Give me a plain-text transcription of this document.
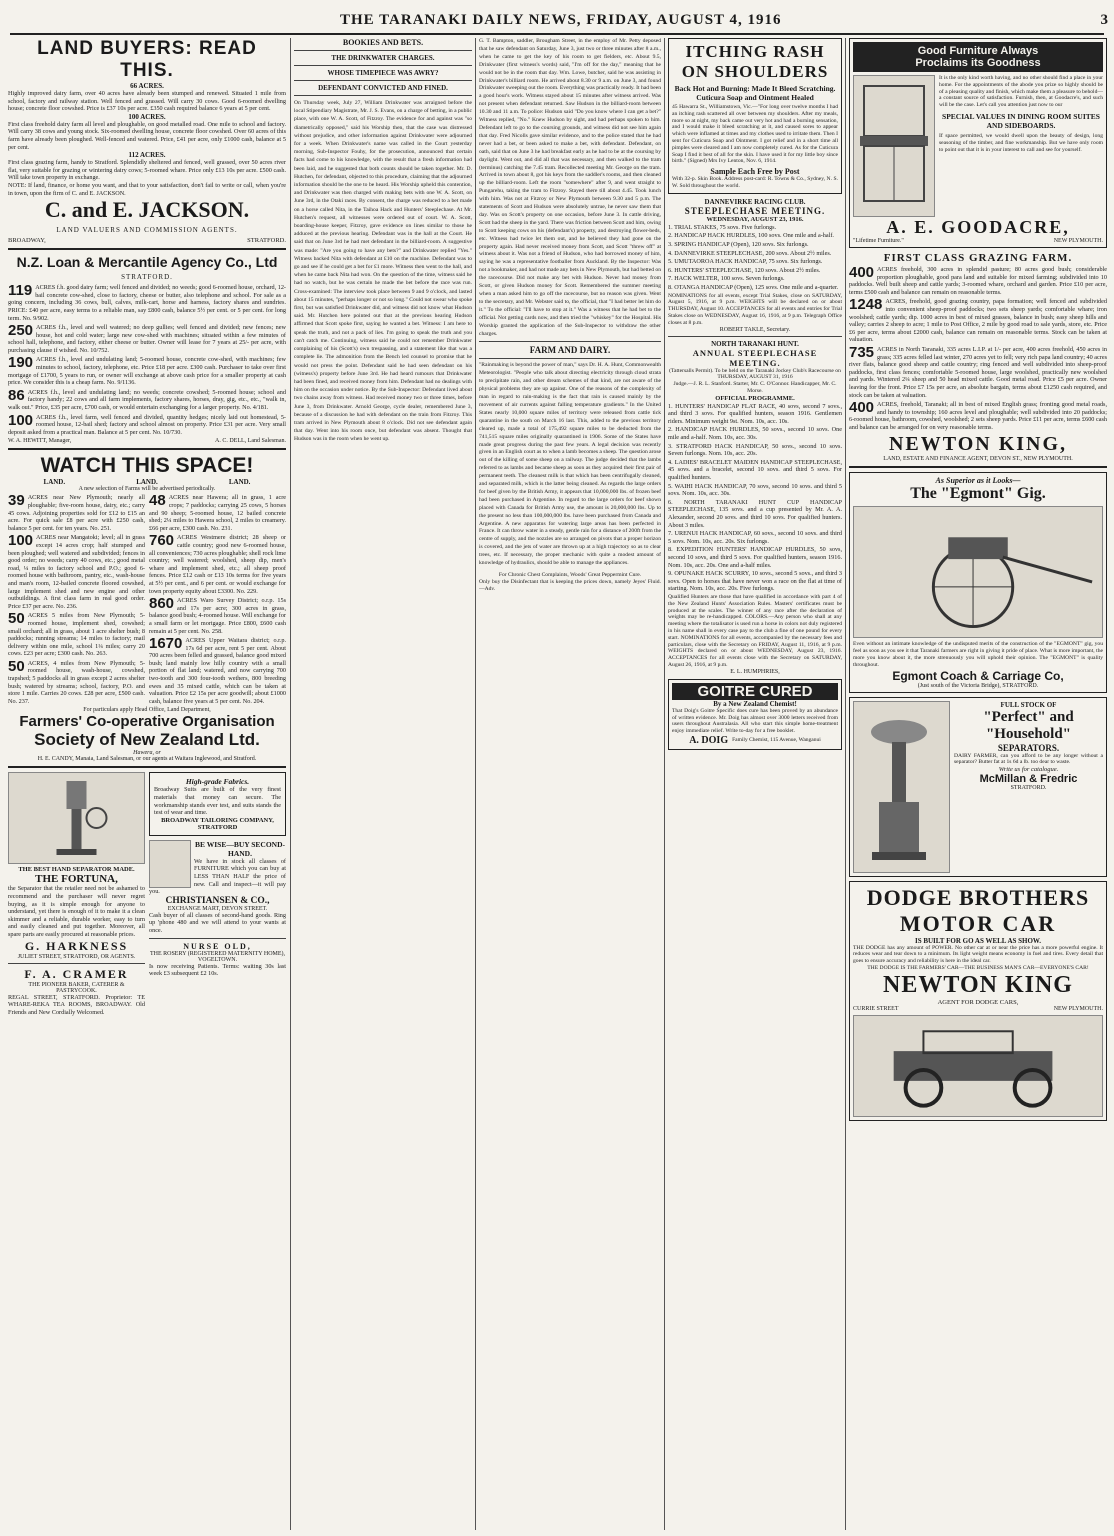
THE TARANAKI DAILY NEWS, FRIDAY, AUGUST 4, 1916	3
LAND BUYERS: READ THIS.
66 ACRES.
Highly improved dairy farm, over 40 acres have already been stumped and renewed. Situated 1 mile from school, factory and railway station. Well fenced and grassed. Will carry 30 cows. Good 6-roomed dwelling house; concrete floor cowshed. Price is £37 10s per acre. £350 cash required balance 6 years at 5 per cent.
100 ACRES.
First class freehold dairy farm all level and ploughable, on good metalled road. One mile to school and factory. Will carry 38 cows and young stock. Six-roomed dwelling house, concrete floor cowshed. Over 60 acres of this farm have already been ploughed. Well-fenced and watered. Price, £41 per acre, only £1000 cash, balance at 5 per cent.
112 ACRES.
First class grazing farm, handy to Stratford. Splendidly sheltered and fenced, well grassed, over 50 acres river flat, very suitable for grazing or wintering dairy cows; 5-roomed whare. Price only £13 10s per acre. £500 cash. Will take town property in exchange.
NOTE: If land, finance, or home you want, and that to your satisfaction, don't fail to write or call, when you're in town, upon the firm of C. and E. JACKSON.
C. and E. JACKSON.
LAND VALUERS AND COMMISSION AGENTS.
BROADWAY,	STRATFORD.
N.Z. Loan & Mercantile Agency Co., Ltd
STRATFORD.
119 ACRES f.h. good dairy farm; well fenced and divided; no weeds; good 6-roomed house, orchard, 12-bail concrete cow-shed, close to factory, cheese or butter, also telephone and school. For sale as a going concern, including 36 cows, bull, calves, milk-cart, horse and harness, factory shares and sundries. PRICE: £40 per acre, easy terms to a reliable man, say £800 cash, balance 5½ per cent. or 5 per cent. for long term. No. 9/902.
250 ACRES f.h., level and well watered; no deep gullies; well fenced and divided; new fences; new house, hot and cold water; large new cow-shed with machines; situated within a few minutes of school hall, telephone, and factory, either cheese or butter. Owner will lease for 7 years at 25/- per acre, with purchasing clause if wished. No. 10/752.
190 ACRES f.h., level and undulating land; 5-roomed house, concrete cow-shed, with machines; few minutes to school, factory, telephone, etc. Price £18 per acre. £300 cash. Purchaser to take over first mortgage of £1700, 5 years to run, or owner will exchange at above cash price for a smaller property at cash price. We consider this is a cheap farm. No. 9/1136.
86 ACRES f.h., level and undulating land; no weeds; concrete cowshed; 5-roomed house; school and factory handy; 22 cows and all farm implements, factory shares, horses, dray, gig, etc., etc., "walk in, walk out." Price, £35 per acre, £700 cash, or would entertain exchanging for a larger property. No. 4/181.
100 ACRES f.h., level farm, well fenced and divided, quantity hedges; nicely laid out homestead, 5-roomed house, 12-bail shed; factory and school almost on property. Price £31 per acre. Very small deposit asked from a practical man. Balance at 5 per cent. No. 10/730.
W. A. HEWITT, Manager,	A. C. DELL, Land Salesman.
WATCH THIS SPACE!
LAND.	LAND.	LAND.
A new selection of Farms will be advertised periodically.
39 ACRES near New Plymouth; nearly all ploughable; five-room house, dairy, etc.; carry 45 cows. Adjoining properties sold for £12 to £15 an acre. For quick sale £8 per acre with £250 cash, balance 5 per cent. for ten years. No. 251.
100 ACRES near Mangatoki; level; all in grass except 14 acres crop; half stumped and been ploughed; well watered and subdivided; fences in good order; no weeds; carry 40 cows, etc.; good metal road, ¼ miles to factory school and P.O.; good 6-roomed house with bathroom, pantry, etc., wash-house and man's room, 12-bailed concrete floored cowshed, large implement shed and new engine and other outbuildings. A first class farm in real good order. Price £37 per acre. No. 236.
50 ACRES 5 miles from New Plymouth; 5-roomed house, implement shed, cowshed; small orchard; all in grass, about 1 acre shelter bush; 8 paddocks; running streams; 14 miles to factory; mail delivery within one mile, school 1¼ miles; carry 20 cows. £23 per acre; £300 cash. No. 263.
50 ACRES, 4 miles from New Plymouth; 5-roomed house, wash-house, cowshed, trapshed; 5 paddocks all in grass except 2 acres shelter bush; watered by streams; school, factory, P.O. and store 1 mile. Carries 20 cows. £28 per acre, £500 cash. No. 237.
48 ACRES near Hawera; all in grass, 1 acre crops; 7 paddocks; carrying 25 cows, 5 horses and 90 sheep; 5-roomed house, 12 bailed concrete shed; 2¼ miles to Hawera school, 2 miles to creamery. £66 per acre, £300 cash. No. 231.
760 ACRES Westmere district; 28 sheep or cattle country; good new 6-roomed house, all conveniences; 730 acres ploughable; shell rock lime country; well watered; woolshed, sheep dip, men's whare and implement shed, etc.; all sheep proof fences. Price £12 cash or £13 10s terms for five years at 5½ per cent., and 6 per cent. or would exchange for town property equity about £3300. No. 229.
860 ACRES Waro Survey District; o.r.p. 15s and 17s per acre; 300 acres in grass, balance good bush; 4-roomed house. Will exchange for a small farm or let mortgage. Price £800, £600 cash remain at 5 per cent. No. 258.
1670 ACRES Upper Waitara district; o.r.p. 17s 6d per acre, rent 5 per cent. About 700 acres been felled and grassed, balance good mixed bush; land mainly low hilly country with a small portion of flat land; watered, and now carrying 700 two-tooth and 300 four-tooth wethers, 800 breeding ewes and 35 mixed cattle, which can be taken at valuation. Price £2 15s per acre goodwill; about £1000 cash, balance five years at 5 per cent. No. 204.
For particulars apply Head Office, Land Department,
Farmers' Co-operative Organisation
Society of New Zealand Ltd.
Hawera, or
H. E. CANDY, Manaia, Land Salesman, or our agents at Waitara Inglewood, and Stratford.
THE BEST HAND SEPARATOR MADE.
THE FORTUNA,
the Separator that the retailer need not be ashamed to recommend and the purchaser will never regret buying, as it is simple enough for anyone to understand, yet there is enough of it to make it a clean skimmer and a reliable, durable worker, easy to turn and easily cleaned and put together. Moreover, all spare parts are easily procured at reasonable prices.
G. HARKNESS
JULIET STREET, STRATFORD, OR AGENTS.
F. A. CRAMER
THE PIONEER BAKER, CATERER & PASTRYCOOK.
REGAL STREET, STRATFORD. Proprietor: TE WHARE-REKA TEA ROOMS, BROADWAY. Old Friends and New Cordially Welcomed.
High-grade Fabrics.
Broadway Suits are built of the very finest materials that money can secure. The workmanship stands ever test, and suits stands the test of wear and time.
BROADWAY TAILORING COMPANY, STRATFORD
BE WISE—BUY SECOND-HAND.
We have in stock all classes of FURNITURE which you can buy at LESS THAN HALF the price of new. Call and inspect—it will pay you.
CHRISTIANSEN & CO.,
EXCHANGE MART, DEVON STREET.
Cash buyer of all classes of second-hand goods. Ring up 'phone 480 and we will attend to your wants at once.
NURSE OLD,
THE ROSERY (REGISTERED MATERNITY HOME), VOGELTOWN.
Is now receiving Patients. Terms: waiting 30s last week £3 subsequent £2 10s.
BOOKIES AND BETS.
THE DRINKWATER CHARGES.
WHOSE TIMEPIECE WAS AWRY?
DEFENDANT CONVICTED AND FINED.
On Thursday week, July 27, William Drinkwater was arraigned before the local Stipendiary Magistrate, Mr. J. S. Evans, on a charge of betting, in a public place, with one W. A. Scott, of Fitzroy. The evidence for and against was "so diametrically opposed," said his Worship then, that the case was distressed without prejudice, and other information against Drinkwater were adjourned for a week. When Drinkwater's name was called in the Court yesterday morning, Sub-Inspector Fouhy, for the prosecution, announced that certain facts had come to his knowledge, with the result that a fresh information had been laid, and he suggested that both counts should be taken together. Mr. D. Hutchen, for defendant, objected to this procedure, claiming that the adjourned information should be the one to be heard. His Worship upheld this contention, and Drinkwater was then charged with making bets with one W. A. Scott, on June 3rd, in the Otaki races. By consent, the charge was reduced to a bet made on a horse called Nita, in the Taihoa Hack and Hunters' Steeplechase. At Mr. Hutchen's request, all witnesses were ordered out of court. W. A. Scott, boarding-house keeper, Fitzroy, gave evidence on lines similar to those he adduced at the previous hearing. Defendant was in the hall at the Court. He said that on June 3rd he had met defendant in the billiard-room. A suggestive was made: "Are you going to have any bets?" and Drinkwater replied "Yes." Witness backed Nita with defendant at £10 on the machine. Defendant was to go and see if he could get a bet for £1 more. Witness then went to the hall, and when he came back Nita had won. On the question of the time, witness said he had no watch, but he was certain he made the bet before the race was run. Cross-examined: The interview took place between 9 and 9 o'clock, and lasted about 15 minutes, "perhaps longer or not so long." Could not swear who spoke first, but was satisfied Drinkwater did, and witness did not know what Hudson said. Mr. Hutchen here pointed out that at the previous hearing Hudson affirmed that Scott spoke first, saying he wanted a bet. Witness: I am here to speak the truth, and not a pack of lies. I'm going to speak the truth and you can't catch me. Continuing, witness said he could not remember Drinkwater complaining of his (Scott's) own trespassing, and a statement like that was a complete lie. The admonition from the Bench led counsel to promise that he would not press the point. Defendant said he had seen defendant on his (witness's) property before June 3rd. He had heard rumours that Drinkwater had been fined, and received money from him. Defendant had no dealings with him on the occasion under notice. By the Sub-Inspector: Defendant lived about two chains away from witness. Had received money two or three times, before June 3, from Drinkwater. Arnold George, cycle dealer, remembered June 3, because of a discussion he had with defendant on the train from Fitzroy. This tram arrived in New Plymouth about 8 o'clock. Did not see defendant again that day. Went into his room once, but defendant was absent. Thought that Hudson was in the room when he went up.
G. T. Bampton, saddler, Brougham Street, in the employ of Mr. Petty deposed that he saw defendant on Saturday, June 3, just two or three minutes after 8 a.m., when he came to get the key of his room to get fielders, etc. About 9.5, Drinkwater (first witness's words) said, "I'm off for the day," meaning that he would not be in the room that day. Wm. Lowe, butcher, said he was assisting in Drinkwater's billiard room. He arrived about 8.30 or 9 a.m. on June 3, and found Drinkwater sweeping out the room. Everything was practically ready. It had been a good hour's work. Witness stayed about 15 minutes after witness arrived. Was not present when defendant returned. Saw Hudson in the billiard-room between 10.30 and 11 a.m. To police: Hudson said "Do you know where I can get a bet?" Witness replied, "No." Knew Hudson by sight, and had perhaps spoken to him. Defendant left to go to the coursing grounds, and witness did not see him again that day. Fred Nicolls gave similar evidence, and to the police stated that he had never had a bet, or been asked to make a bet, with defendant. Defendant, on oath, said that on June 3 he had breakfast early as he had to be at the coursing by daylight. Went out, and did all that was necessary, and then walked to the tram (terminus) catching the 7.45 tram. Recollected meeting Mr. George on the tram. Arrived in town about 8, got his keys from the saddler's rooms, and then cleaned up the billiard-room. Left the room "somewhere" after 9, and went straight to Pungarehu, taking the tram to Fitzroy. Stayed there till about 4.45. Took lunch with him. Was not at Fitzroy or New Plymouth between 9.30 and 5 p.m. The statements of Scott and Hudson were absolutely untrue, he never saw them that day. Was on Scott's property on one occasion, before June 3. In cattle driving, Scott had the sheep in the yard. There was friction between Scott and him, owing to Scott keeping cows on his (defendant's) property, and destroying flower-beds, etc. Witness had twice let them out, and he believed they had gone on the property again. Had never received money from Scott, and Scott "threw off" at witness about it. Was not a friend of Hudson, who had borrowed money of him, saying he was a representative footballer from Auckland. By the Inspector: Was not a bookmaker, and had not made any bets in New Plymouth, but had betted on the racecourse. Did not make any bet with Hudson. Never had money from Scott, or given Hudson money for Scott. Remembered the summer meeting when a man asked him to go off the racecourse, but no reason was given. Went to the secretary, and Mr. Webster said to, the official, that "I had better let him do it." To the official: "I'll have to stop at it." Was a witness that he had bet to the official. Not getting cards now, and then tried the "whiskey" for the Hospital. His Worship granted the application of the Sub-Inspector to withdraw the other charges.
FARM AND DAIRY.
"Rainmaking is beyond the power of man," says Dr. H. A. Hunt, Commonwealth Meteorologist. "People who talk about directing electricity through cloud strata to precipitate rain, and other dream schemes of that kind, are not aware of the physical problems they are up against. One of the reasons of the complexity of man in regard to rain-making is the fact that rain is caused mainly by the movement of air currents against falling temperature gradients." In the United States nearly 10,000 square miles of territory were released from cattle tick quarantine in the south on March 16 last. This, added to the previous territory cleared up, made a total of 175,492 square miles to be deducted from the 741,515 square miles originally quarantined in 1906. Some of the States have made great progress during the past few years. A legal decision was recently given in an English court as to when a lamb becomes a sheep. The question arose out of the killing of some sheep on a railway. The judge decided that the lambs referred to as lambs and became sheep as soon as they acquired their first pair of permanent teeth. The cleanest milk is that which has been centrifugally cleaned, and separated milk, which is the latter being cleaned. As regards the large orders for beef given by the British Army, it appears that 10,000,000 lbs. of frozen beef had been purchased in Argentine. In regard to the large orders for beef shown placed with Canada for British Army use, the amount is 20,000,000 lbs. Up to the present no less than 100,000,000 lbs. have been purchased from Canada and Argentine. A new apparatus for watering large areas has been perfected in France. It can throw water in a steady, gentle rain for a distance of 200ft from the centre of supply, and the nozzles are so arranged on pivots that a proper horizon is covered, and the jets of water are thrown up at a high trajectory so as to clear trees, etc. If necessary, the proper mechanic with quite a modest amount of knowledge of hydraulics, should be able to manage the appliances.
For Chronic Chest Complaints, Woods' Great Peppermint Cure.
Only buy the Disinfectant that is keeping the prices down, namely Jeyes' Fluid.—Adv.
ITCHING RASH
ON SHOULDERS
Back Hot and Burning: Made It Bleed Scratching. Cuticura Soap and Ointment Healed
45 Hawarra St., Williamstown, Vic.—"For long over twelve months I had an itching rash scattered all over between my shoulders. After my meals, more so at night, my back came out very hot and had a burning sensation, and I would make it bleed scratching at it, and caused sores to appear which were inflamed at times and my clothes used to irritate them. Then I sent for Cuticura Soap and Ointment. I got relief and in a short time all pimples were cleared and I am now completely cured. As for the Cuticura Soap I find it best of all for the skin. I have used it for my little boy since birth." (Signed) Mrs Ivy Lenton, Nov. 6, 1914.
Sample Each Free by Post
With 32-p. Skin Book. Address post-card: R. Towns & Co., Sydney, N. S. W. Sold throughout the world.
DANNEVIRKE RACING CLUB.
STEEPLECHASE MEETING.
WEDNESDAY, AUGUST 23, 1916.
1. TRIAL STAKES, 75 sovs. Five furlongs.
2. HANDICAP HACK HURDLES, 100 sovs. One mile and a-half.
3. SPRING HANDICAP (Open), 120 sovs. Six furlongs.
4. DANNEVIRKE STEEPLECHASE, 200 sovs. About 2½ miles.
5. UMUTAOROA HACK HANDICAP, 75 sovs. Six furlongs.
6. HUNTERS' STEEPLECHASE, 120 sovs. About 2½ miles.
7. HACK WELTER, 100 sovs. Seven furlongs.
8. OTANGA HANDICAP (Open), 125 sovs. One mile and a-quarter.
NOMINATIONS for all events, except Trial Stakes, close on SATURDAY, August 5, 1916, at 9 p.m. WEIGHTS will be declared on or about THURSDAY, August 10. ACCEPTANCES for all events and entries for Trial Stakes close on WEDNESDAY, August 16, 1916, at 9 p.m. Telegraph Office closes at 8 p.m.
ROBERT TAKLE, Secretary.
NORTH TARANAKI HUNT.
ANNUAL STEEPLECHASE MEETING.
(Tattersalls Permit). To be held on the Taranaki Jockey Club's Racecourse on THURSDAY, AUGUST 31, 1916
Judge.—J. R. L. Stanford. Starter, Mr. C. O'Connor. Handicapper, Mr. C. Morse.
OFFICIAL PROGRAMME.
1. HUNTERS' HANDICAP FLAT RACE, 40 sovs, second 7 sovs., and third 3 sovs. For qualified hunters, season 1916. Gentlemen riders. Minimum weight 9st. Nom. 10s, acc. 10s.
2. HANDICAP HACK HURDLES, 50 sovs., second 10 sovs. One mile and a-half. Nom. 10s, acc. 30s.
3. STRATFORD HACK HANDICAP, 50 sovs., second 10 sovs. Seven furlongs. Nom. 10s, acc. 20s.
4. LADIES' BRACELET MAIDEN HANDICAP STEEPLECHASE, 45 sovs. and a bracelet, second 10 sovs. and third 5 sovs. For qualified hunters.
5. WAIHI HACK HANDICAP, 70 sovs, second 10 sovs. and third 5 sovs. Nom. 10s, acc. 30s.
6. NORTH TARANAKI HUNT CUP HANDICAP STEEPLECHASE, 135 sovs. and a cup presented by Mr. A. A. Alexander, second 20 sovs. and third 10 sovs. For qualified hunters. About 3 miles.
7. URENUI HACK HANDICAP, 60 sovs., second 10 sovs. and third 5 sovs. Nom. 10s, acc. 20s. Six furlongs.
8. EXPEDITION HUNTERS' HANDICAP HURDLES, 50 sovs, second 10 sovs, and third 5 sovs. For qualified hunters, season 1916. Nom. 10s, acc. 20s. One and a-half miles.
9. OPUNAKE HACK SCURRY, 10 sovs., second 5 sovs., and third 3 sovs. Open to horses that have never won a race on the flat at time of starting. Nom. 10s, acc. 20s. Five furlongs.
Qualified Hunters are those that have qualified in accordance with part 4 of the New Zealand Hunts' Association Rules. Masters' certificates must be produced at the scales. The winner of any race after the declaration of weights may be re-handicapped. COLORS.—Any person who shall at any meeting where the totalisator is used run a horse in colors not duly registered in his name shall in every case pay to the club a fine of one pound for every start. NOMINATIONS for all events, accompanied by the necessary fees and particulars, close with the Secretary on FRIDAY, August 11, 1916, at 9 p.m. WEIGHTS declared on or about WEDNESDAY, August 23, 1916. ACCEPTANCES for all events close with the Secretary on SATURDAY, August 26, 1916, at 9 p.m.
E. L. HUMPHRIES,
GOITRE CURED
By a New Zealand Chemist!
That Doig's Goitre Specific does cure has been proved by an abundance of written evidence. Mr. Doig has almost over 3000 letters received from users throughout Australasia. All who start this simple home-treatment enjoy immediate relief. Write to-day for a free booklet.
A. DOIG Family Chemist, 115 Avenue, Wanganui
Good Furniture Always
Proclaims its Goodness
It is the only kind worth having, and no other should find a place in your home. For the appointments of the abode you prize so highly should be of a pleasing quality and finish, which make them a pleasure to behold—a constant source of satisfaction. Furnish, then, at Goodacre's, and such will be the case. Let's call you attention just now to our
SPECIAL VALUES IN DINING ROOM SUITES AND SIDEBOARDS.
If space permitted, we would dwell upon the beauty of design, long seasoning of the timber, and fine workmanship. But we have only room to point out that it is in your interest to call and see for yourself.
A. E. GOODACRE,
"Lifetime Furniture."	NEW PLYMOUTH.
FIRST CLASS GRAZING FARM.
400 ACRES freehold, 300 acres in splendid pasture; 80 acres good bush; considerable proportion ploughable, good para land and suitable for mixed farming; subdivided into 10 paddocks. Well built sheep and cattle yards; 3-roomed whare, orchard and garden. Price £10 per acre, terms £500 cash and balance can remain on reasonable terms.
1248 ACRES, freehold, good grazing country, papa formation; well fenced and subdivided into convenient sheep-proof paddocks; two sets sheep yards; comfortable whare; iron woolshed; cattle yards; dip. 1000 acres in best of mixed grasses, balance in bush; easy sheep hills and valley; carries 2 sheep to acre; 1 mile to Post Office, 2 mile by good road to sale yards, store, etc. Price £6 per acre, terms about £2000 cash, balance can remain on reasonable terms. Stock can be taken at valuation.
735 ACRES in North Taranaki, 335 acres L.I.P. at 1/- per acre, 400 acres freehold, 450 acres in grass; 335 acres felled last winter, 270 acres yet to fell; very rich papa land country; 40 acres river flats, balance good sheep and cattle country; ring fenced and well subdivided into sheep-proof paddocks, first class fences; comfortable 5-roomed house, large woolshed, practically new woolshed and yards. Wintered 2¼ sheep and 50 head mixed cattle. Good metal road. Price £5 per acre. Owner leaving for the front. Price £7 15s per acre, an absolute bargain, terms about £1250 cash required, and stock can be taken at valuation.
400 ACRES, freehold, Taranaki; all in best of mixed English grass; fronting good metal roads, and handy to township; 160 acres level and ploughable; well subdivided into 20 paddocks; 6-roomed house, bathroom, cowshed, woolshed; 2 sets sheep yards. Price £11 per acre, terms £600 cash and balance can be arranged for on very reasonable terms.
NEWTON KING,
LAND, ESTATE AND FINANCE AGENT, DEVON ST., NEW PLYMOUTH.
As Superior as it Looks—
The "Egmont" Gig.
Even without an intimate knowledge of the undisputed merits of the construction of the "EGMONT" gig, you feel as soon as you see it that Taranaki farmers are right in giving it pride of place. What is more important, the more you know about it, the more strenuously you will uphold their opinion. The "EGMONT" is quality throughout.
Egmont Coach & Carriage Co,
(Just south of the Victoria Bridge), STRATFORD.
FULL STOCK OF
"Perfect" and
"Household"
SEPARATORS.
DAIRY FARMER, can you afford to be any longer without a separator? Butter fat at 1s 6d a lb. too dear to waste.
Write us for catalogue.
McMillan & Fredric
STRATFORD.
DODGE BROTHERS
MOTOR CAR
IS BUILT FOR GO AS WELL AS SHOW.
THE DODGE has any amount of POWER. No other car at or near the price has a more powerful engine. It reduces wear and tear down to a minimum. Its light weight means economy in fuel and tires. Every detail that goes to ensure accuracy and reliability is here in the ideal car.
THE DODGE IS THE FARMERS' CAR—THE BUSINESS MAN'S CAR—EVERYONE'S CAR!
NEWTON KING
AGENT FOR DODGE CARS,
CURRIE STREET	NEW PLYMOUTH.
